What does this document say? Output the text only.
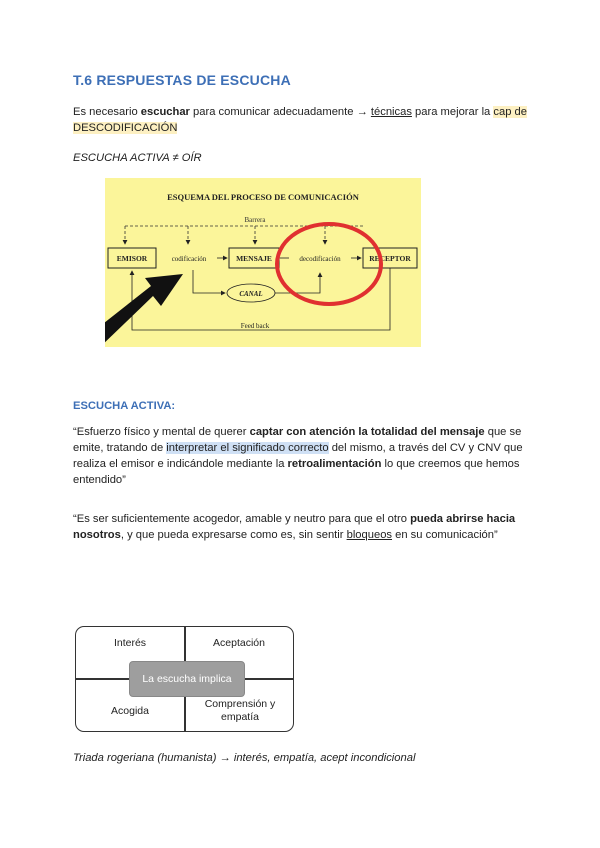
T.6 RESPUESTAS DE ESCUCHA
Es necesario escuchar para comunicar adecuadamente → técnicas para mejorar la cap de
DESCODIFICACIÓN
ESCUCHA ACTIVA ≠ OÍR
ESQUEMA DEL PROCESO DE COMUNICACIÓN
Barrera
EMISOR	codificación	MENSAJE	decodificación	RECEPTOR
CANAL
Feed back
ESCUCHA ACTIVA:
“Esfuerzo físico y mental de querer captar con atención la totalidad del mensaje que se emite, tratando de interpretar el significado correcto del mismo, a través del CV y CNV que realiza el emisor e indicándole mediante la retroalimentación lo que creemos que hemos entendido”
“Es ser suficientemente acogedor, amable y neutro para que el otro pueda abrirse hacia nosotros, y que pueda expresarse como es, sin sentir bloqueos en su comunicación”
Interés	Aceptación
Acogida
Comprensión y empatía
La escucha implica
Triada rogeriana (humanista) → interés, empatía, acept incondicional
